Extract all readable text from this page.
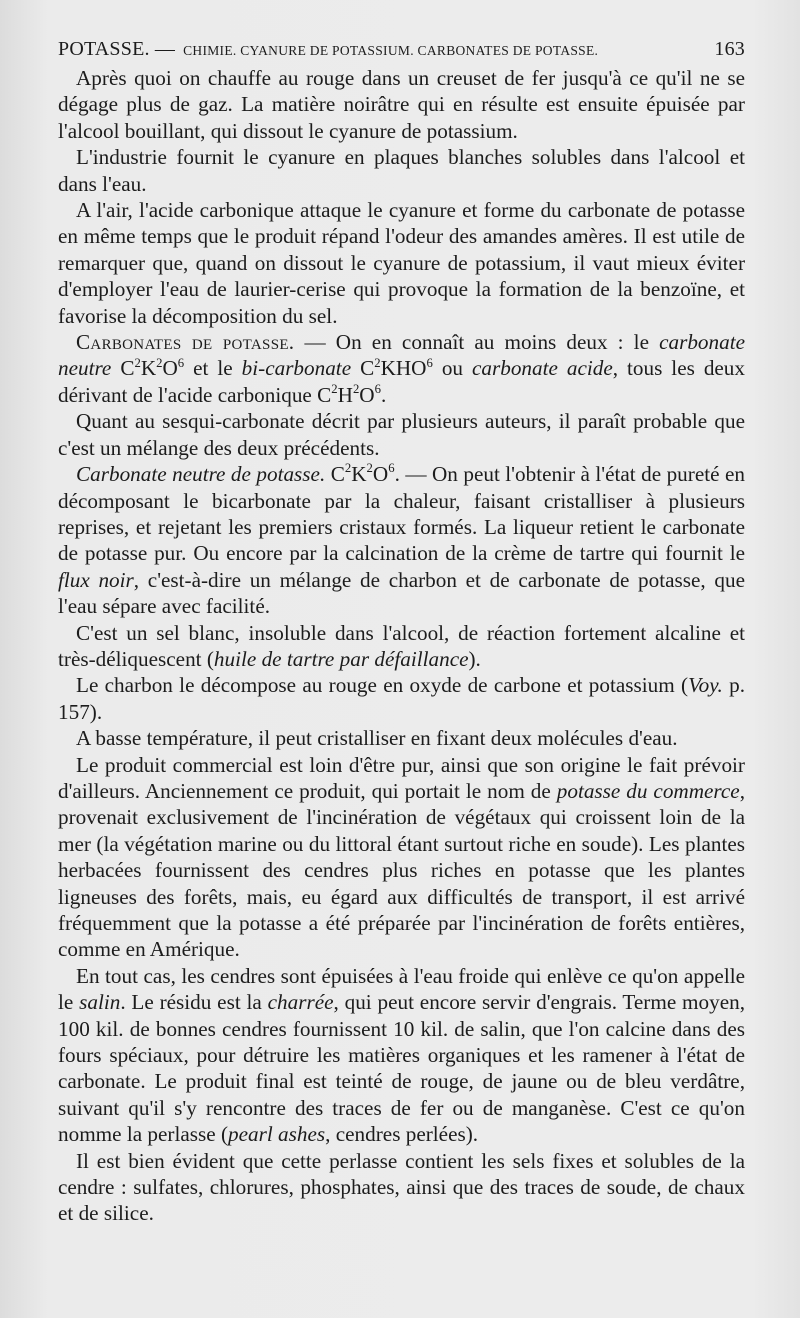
POTASSE.
— CHIMIE. CYANURE DE POTASSIUM. CARBONATES DE POTASSE.	163

Après quoi on chauffe au rouge dans un creuset de fer jusqu'à ce qu'il ne se dégage plus de gaz. La matière noirâtre qui en résulte est ensuite épuisée par l'alcool bouillant, qui dissout le cyanure de potassium.

L'industrie fournit le cyanure en plaques blanches solubles dans l'alcool et dans l'eau.

A l'air, l'acide carbonique attaque le cyanure et forme du carbonate de potasse en même temps que le produit répand l'odeur des amandes amères. Il est utile de remarquer que, quand on dissout le cyanure de potassium, il vaut mieux éviter d'employer l'eau de laurier-cerise qui provoque la formation de la benzoïne, et favorise la décomposition du sel.

Carbonates de potasse. — On en connaît au moins deux : le carbonate neutre $C^2K^2O^6$ et le bi-carbonate $C^2KHO^6$ ou carbonate acide, tous les deux dérivant de l'acide carbonique $C^2H^2O^6$.

Quant au sesqui-carbonate décrit par plusieurs auteurs, il paraît probable que c'est un mélange des deux précédents.

Carbonate neutre de potasse. $C^2K^2O^6$. — On peut l'obtenir à l'état de pureté en décomposant le bicarbonate par la chaleur, faisant cristalliser à plusieurs reprises, et rejetant les premiers cristaux formés. La liqueur retient le carbonate de potasse pur. Ou encore par la calcination de la crème de tartre qui fournit le flux noir, c'est-à-dire un mélange de charbon et de carbonate de potasse, que l'eau sépare avec facilité.

C'est un sel blanc, insoluble dans l'alcool, de réaction fortement alcaline et très-déliquescent (huile de tartre par défaillance).

Le charbon le décompose au rouge en oxyde de carbone et potassium (Voy. p. 157).

A basse température, il peut cristalliser en fixant deux molécules d'eau.

Le produit commercial est loin d'être pur, ainsi que son origine le fait prévoir d'ailleurs. Anciennement ce produit, qui portait le nom de potasse du commerce, provenait exclusivement de l'incinération de végétaux qui croissent loin de la mer (la végétation marine ou du littoral étant surtout riche en soude). Les plantes herbacées fournissent des cendres plus riches en potasse que les plantes ligneuses des forêts, mais, eu égard aux difficultés de transport, il est arrivé fréquemment que la potasse a été préparée par l'incinération de forêts entières, comme en Amérique.

En tout cas, les cendres sont épuisées à l'eau froide qui enlève ce qu'on appelle le salin. Le résidu est la charrée, qui peut encore servir d'engrais. Terme moyen, 100 kil. de bonnes cendres fournissent 10 kil. de salin, que l'on calcine dans des fours spéciaux, pour détruire les matières organiques et les ramener à l'état de carbonate. Le produit final est teinté de rouge, de jaune ou de bleu verdâtre, suivant qu'il s'y rencontre des traces de fer ou de manganèse. C'est ce qu'on nomme la perlasse (pearl ashes, cendres perlées).

Il est bien évident que cette perlasse contient les sels fixes et solubles de la cendre : sulfates, chlorures, phosphates, ainsi que des traces de soude, de chaux et de silice.
